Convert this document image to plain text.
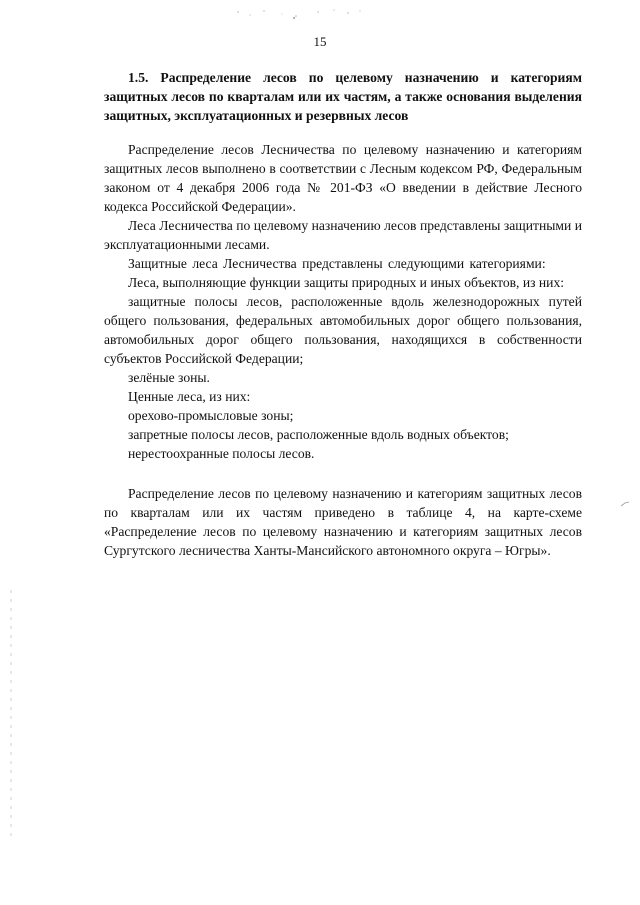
15
1.5. Распределение лесов по целевому назначению и категориям защитных лесов по кварталам или их частям, а также основания выделения защитных, эксплуатационных и резервных лесов

Распределение лесов Лесничества по целевому назначению и категориям защитных лесов выполнено в соответствии с Лесным кодексом РФ, Федеральным законом от 4 декабря 2006 года № 201-ФЗ «О введении в действие Лесного кодекса Российской Федерации».

Леса Лесничества по целевому назначению лесов представлены защитными и эксплуатационными лесами.

Защитные леса Лесничества представлены следующими категориями:

Леса, выполняющие функции защиты природных и иных объектов, из них:

защитные полосы лесов, расположенные вдоль железнодорожных путей общего пользования, федеральных автомобильных дорог общего пользования, автомобильных дорог общего пользования, находящихся в собственности субъектов Российской Федерации;

зелёные зоны.

Ценные леса, из них:

орехово-промысловые зоны;

запретные полосы лесов, расположенные вдоль водных объектов;

нерестоохранные полосы лесов.

Распределение лесов по целевому назначению и категориям защитных лесов по кварталам или их частям приведено в таблице 4, на карте-схеме «Распределение лесов по целевому назначению и категориям защитных лесов Сургутского лесничества Ханты-Мансийского автономного округа – Югры».
